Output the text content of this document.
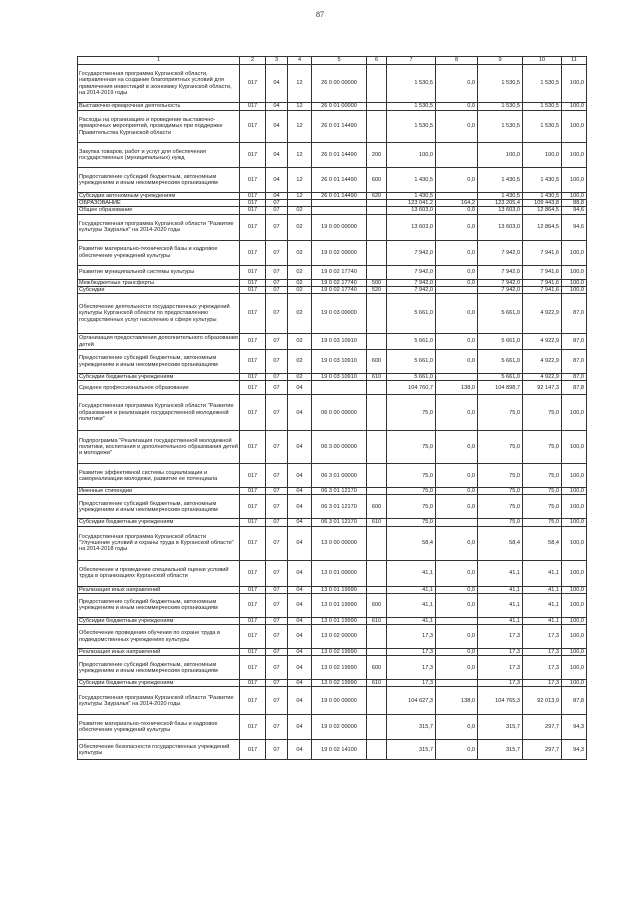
87
1	2	3	4	5	6	7	8	9	10	11
Государственная программа Курганской области, направленная на создание благоприятных условий для привлечения инвестиций в экономику Курганской области, на 2014-2019 годы	017	04	12	26 0 00 00000		1 530,5	0,0	1 530,5	1 530,5	100,0
Выставочно-ярмарочная деятельность	017	04	12	26 0 01 00000		1 530,5	0,0	1 530,5	1 530,5	100,0
Расходы на организацию и проведение выставочно-ярмарочных мероприятий, проводимых при поддержке Правительства Курганской области	017	04	12	26 0 01 14490		1 530,5	0,0	1 530,5	1 530,5	100,0
Закупка товаров, работ и услуг для обеспечения государственных (муниципальных) нужд	017	04	12	26 0 01 14490	200	100,0		100,0	100,0	100,0
Предоставление субсидий бюджетным, автономным учреждениям и иным некоммерческим организациям	017	04	12	26 0 01 14490	600	1 430,5	0,0	1 430,5	1 430,5	100,0
Субсидии автономным учреждениям	017	04	12	26 0 01 14490	620	1 430,5		1 430,5	1 430,5	100,0
ОБРАЗОВАНИЕ	017	07				123 041,2	164,2	123 205,4	109 443,8	88,8
Общее образование	017	07	02			13 603,0	0,0	13 603,0	12 864,5	94,6
Государственная программа Курганской области "Развитие культуры Зауралья" на 2014-2020 годы	017	07	02	19 0 00 00000		13 603,0	0,0	13 603,0	12 864,5	94,6
Развитие материально-технической базы и кадровое обеспечение учреждений культуры	017	07	02	19 0 02 00000		7 942,0	0,0	7 942,0	7 941,6	100,0
Развитие муниципальной системы культуры	017	07	02	19 0 02 17740		7 942,0	0,0	7 942,0	7 941,6	100,0
Межбюджетные трансферты	017	07	02	19 0 02 17740	500	7 942,0	0,0	7 942,0	7 941,6	100,0
Субсидии	017	07	02	19 0 02 17740	520	7 942,0		7 942,0	7 941,6	100,0
Обеспечение деятельности государственных учреждений культуры Курганской области по предоставлению государственных услуг населению в сфере культуры	017	07	02	19 0 03 00000		5 661,0	0,0	5 661,0	4 922,9	87,0
Организация предоставления дополнительного образования детей	017	07	02	19 0 03 10910		5 661,0	0,0	5 661,0	4 922,9	87,0
Предоставление субсидий бюджетным, автономным учреждениям и иным некоммерческим организациям	017	07	02	19 0 03 10910	600	5 661,0	0,0	5 661,0	4 922,9	87,0
Субсидии бюджетным учреждениям	017	07	02	19 0 03 10910	610	5 661,0		5 661,0	4 922,9	87,0
Среднее профессиональное образование	017	07	04			104 760,7	138,0	104 898,7	92 147,3	87,8
Государственная программа Курганской области "Развитие образования и реализация государственной молодежной политики"	017	07	04	06 0 00 00000		75,0	0,0	75,0	75,0	100,0
Подпрограмма "Реализация государственной молодежной политики, воспитания и дополнительного образования детей и молодежи"	017	07	04	06 3 00 00000		75,0	0,0	75,0	75,0	100,0
Развитие эффективной системы социализации и самореализации молодежи, развитие ее потенциала	017	07	04	06 3 01 00000		75,0	0,0	75,0	75,0	100,0
Именные стипендии	017	07	04	06 3 01 12170		75,0	0,0	75,0	75,0	100,0
Предоставление субсидий бюджетным, автономным учреждениям и иным некоммерческим организациям	017	07	04	06 3 01 12170	600	75,0	0,0	75,0	75,0	100,0
Субсидии бюджетным учреждениям	017	07	04	06 3 01 12170	610	75,0		75,0	75,0	100,0
Государственная программа Курганской области "Улучшение условий и охраны труда в Курганской области" на 2014-2018 годы	017	07	04	13 0 00 00000		58,4	0,0	58,4	58,4	100,0
Обеспечение и проведение специальной оценки условий труда в организациях Курганской области	017	07	04	13 0 01 00000		41,1	0,0	41,1	41,1	100,0
Реализация иных направлений	017	07	04	13 0 01 19990		41,1	0,0	41,1	41,1	100,0
Предоставление субсидий бюджетным, автономным учреждениям и иным некоммерческим организациям	017	07	04	13 0 01 19990	600	41,1	0,0	41,1	41,1	100,0
Субсидии бюджетным учреждениям	017	07	04	13 0 01 19990	610	41,1		41,1	41,1	100,0
Обеспечение проведения обучения по охране труда в подведомственных учреждениях культуры	017	07	04	13 0 02 00000		17,3	0,0	17,3	17,3	100,0
Реализация иных направлений	017	07	04	13 0 02 19990		17,3	0,0	17,3	17,3	100,0
Предоставление субсидий бюджетным, автономным учреждениям и иным некоммерческим организациям	017	07	04	13 0 02 19990	600	17,3	0,0	17,3	17,3	100,0
Субсидии бюджетным учреждениям	017	07	04	13 0 02 19990	610	17,3		17,3	17,3	100,0
Государственная программа Курганской области "Развитие культуры Зауралья" на 2014-2020 годы	017	07	04	19 0 00 00000		104 627,3	138,0	104 765,3	92 013,9	87,8
Развитие материально-технической базы и кадровое обеспечение учреждений культуры	017	07	04	19 0 02 00000		315,7	0,0	315,7	297,7	94,3
Обеспечение безопасности государственных учреждений культуры	017	07	04	19 0 02 14100		315,7	0,0	315,7	297,7	94,3
